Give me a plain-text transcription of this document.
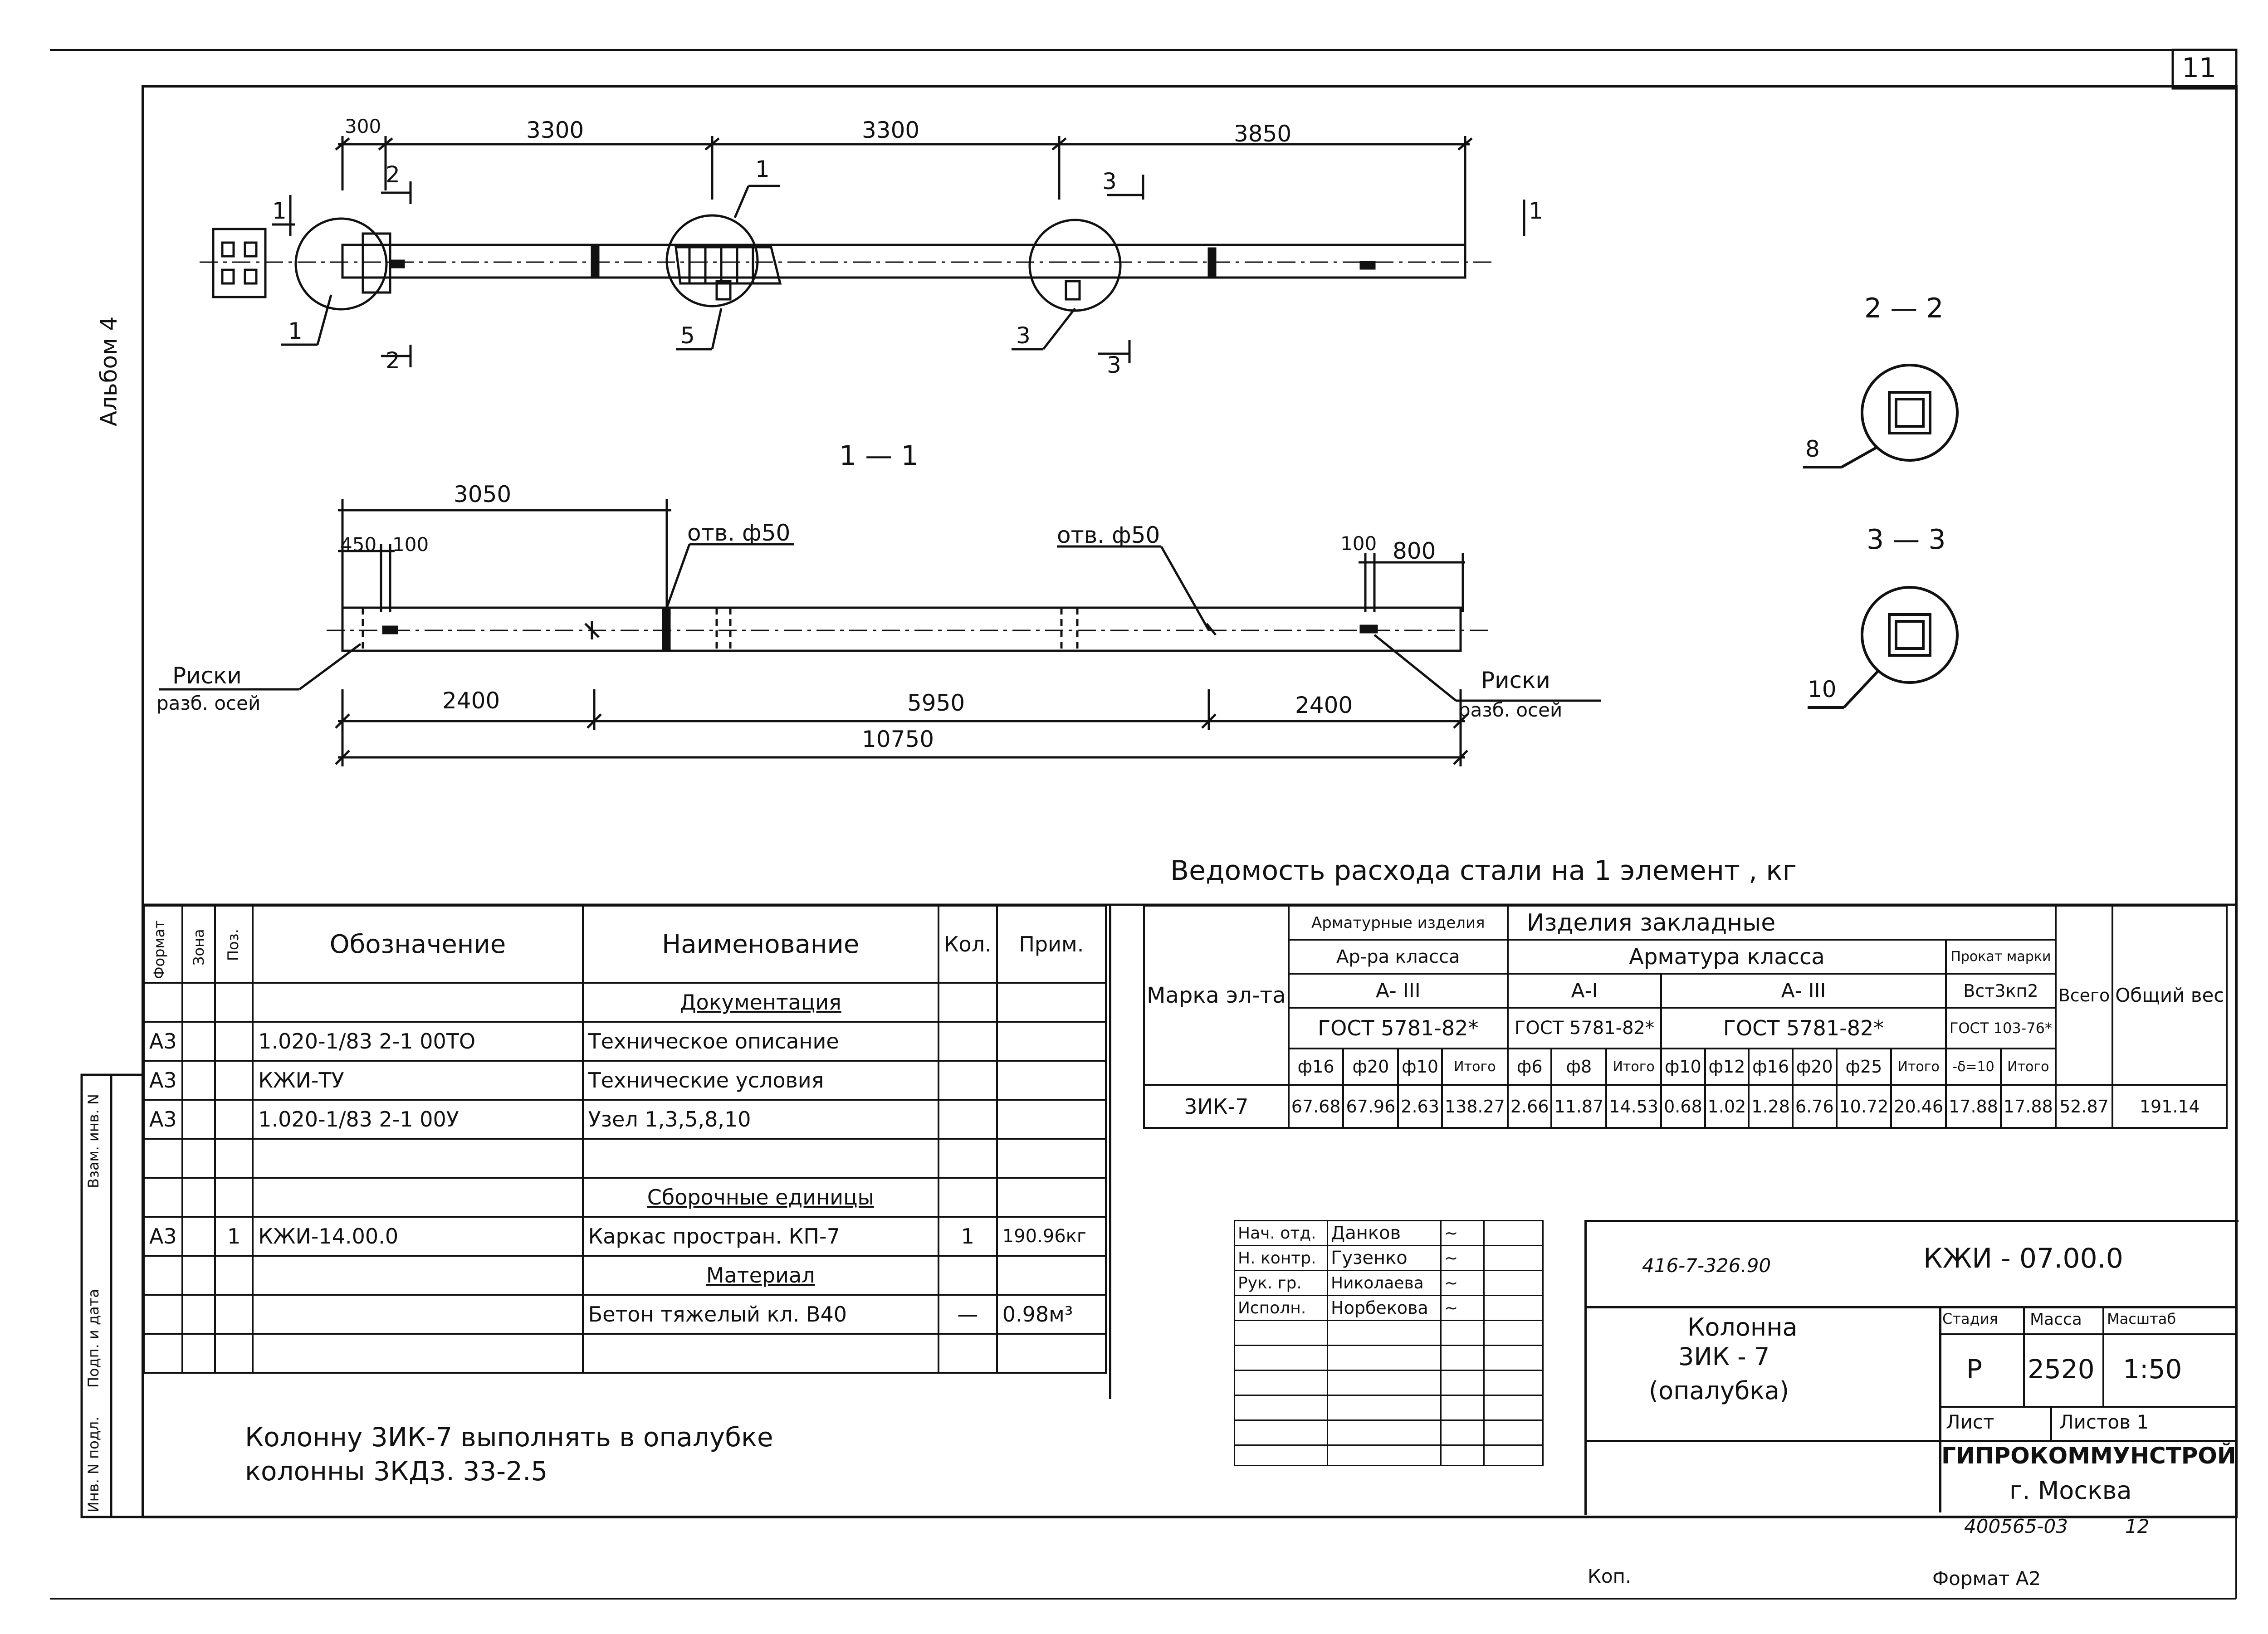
11
Альбом 4
300	3300	3300	3850
1	1
2
2
3
3
1	5
1
3
1 — 1
3050
450 100	100 800
отв. ф50	отв. ф50
Риски
разб. осей
Риски
разб. осей
2400	5950	2400
10750
2 — 2
8
3 — 3
10
Ведомость расхода стали на 1 элемент , кг
Взам. инв. N
Подп. и дата
Инв. N подл.
Формат	Зона	Поз.	Обозначение	Наименование	Кол.	Прим.
				Документация		
А3			1.020-1/83 2-1 00ТО	Техническое описание		
А3			КЖИ-ТУ	Технические условия		
А3			1.020-1/83 2-1 00У	Узел 1,3,5,8,10		

				Сборочные единицы		
А3		1	КЖИ-14.00.0	Каркас простран. КП-7	1	190.96кг
				Материал		
				Бетон тяжелый кл. В40	—	0.98м³

Колонну 3ИК-7 выполнять в опалубке
колонны 3КД3. 33-2.5
Марка эл-та	Арматурные изделия				Изделия закладные											Всего	Общий вес
	Ар-ра класса				Арматура класса									Прокат марки			
	А- III				А-I			А- III						Вст3кп2			
	ГОСТ 5781-82*				ГОСТ 5781-82*			ГОСТ 5781-82*						ГОСТ 103-76*			
	ф16	ф20	ф10	Итого	ф6	ф8	Итого	ф10	ф12	ф16	ф20	ф25	Итого	-δ=10	Итого		
3ИК-7	67.68	67.96	2.63	138.27	2.66	11.87	14.53	0.68	1.02	1.28	6.76	10.72	20.46	17.88	17.88	52.87	191.14
Нач. отд.	Данков	~	
Н. контр.	Гузенко	~	
Рук. гр.	Николаева	~	
Исполн.	Норбекова	~	

416-7-326.90	КЖИ - 07.00.0
Колонна
3ИК - 7
(опалубка)
Стадия Масса Масштаб
Р 2520 1:50
Лист	Листов 1
ГИПРОКОММУНСТРОЙ
г. Москва
400565-03	12
Коп.	Формат А2
